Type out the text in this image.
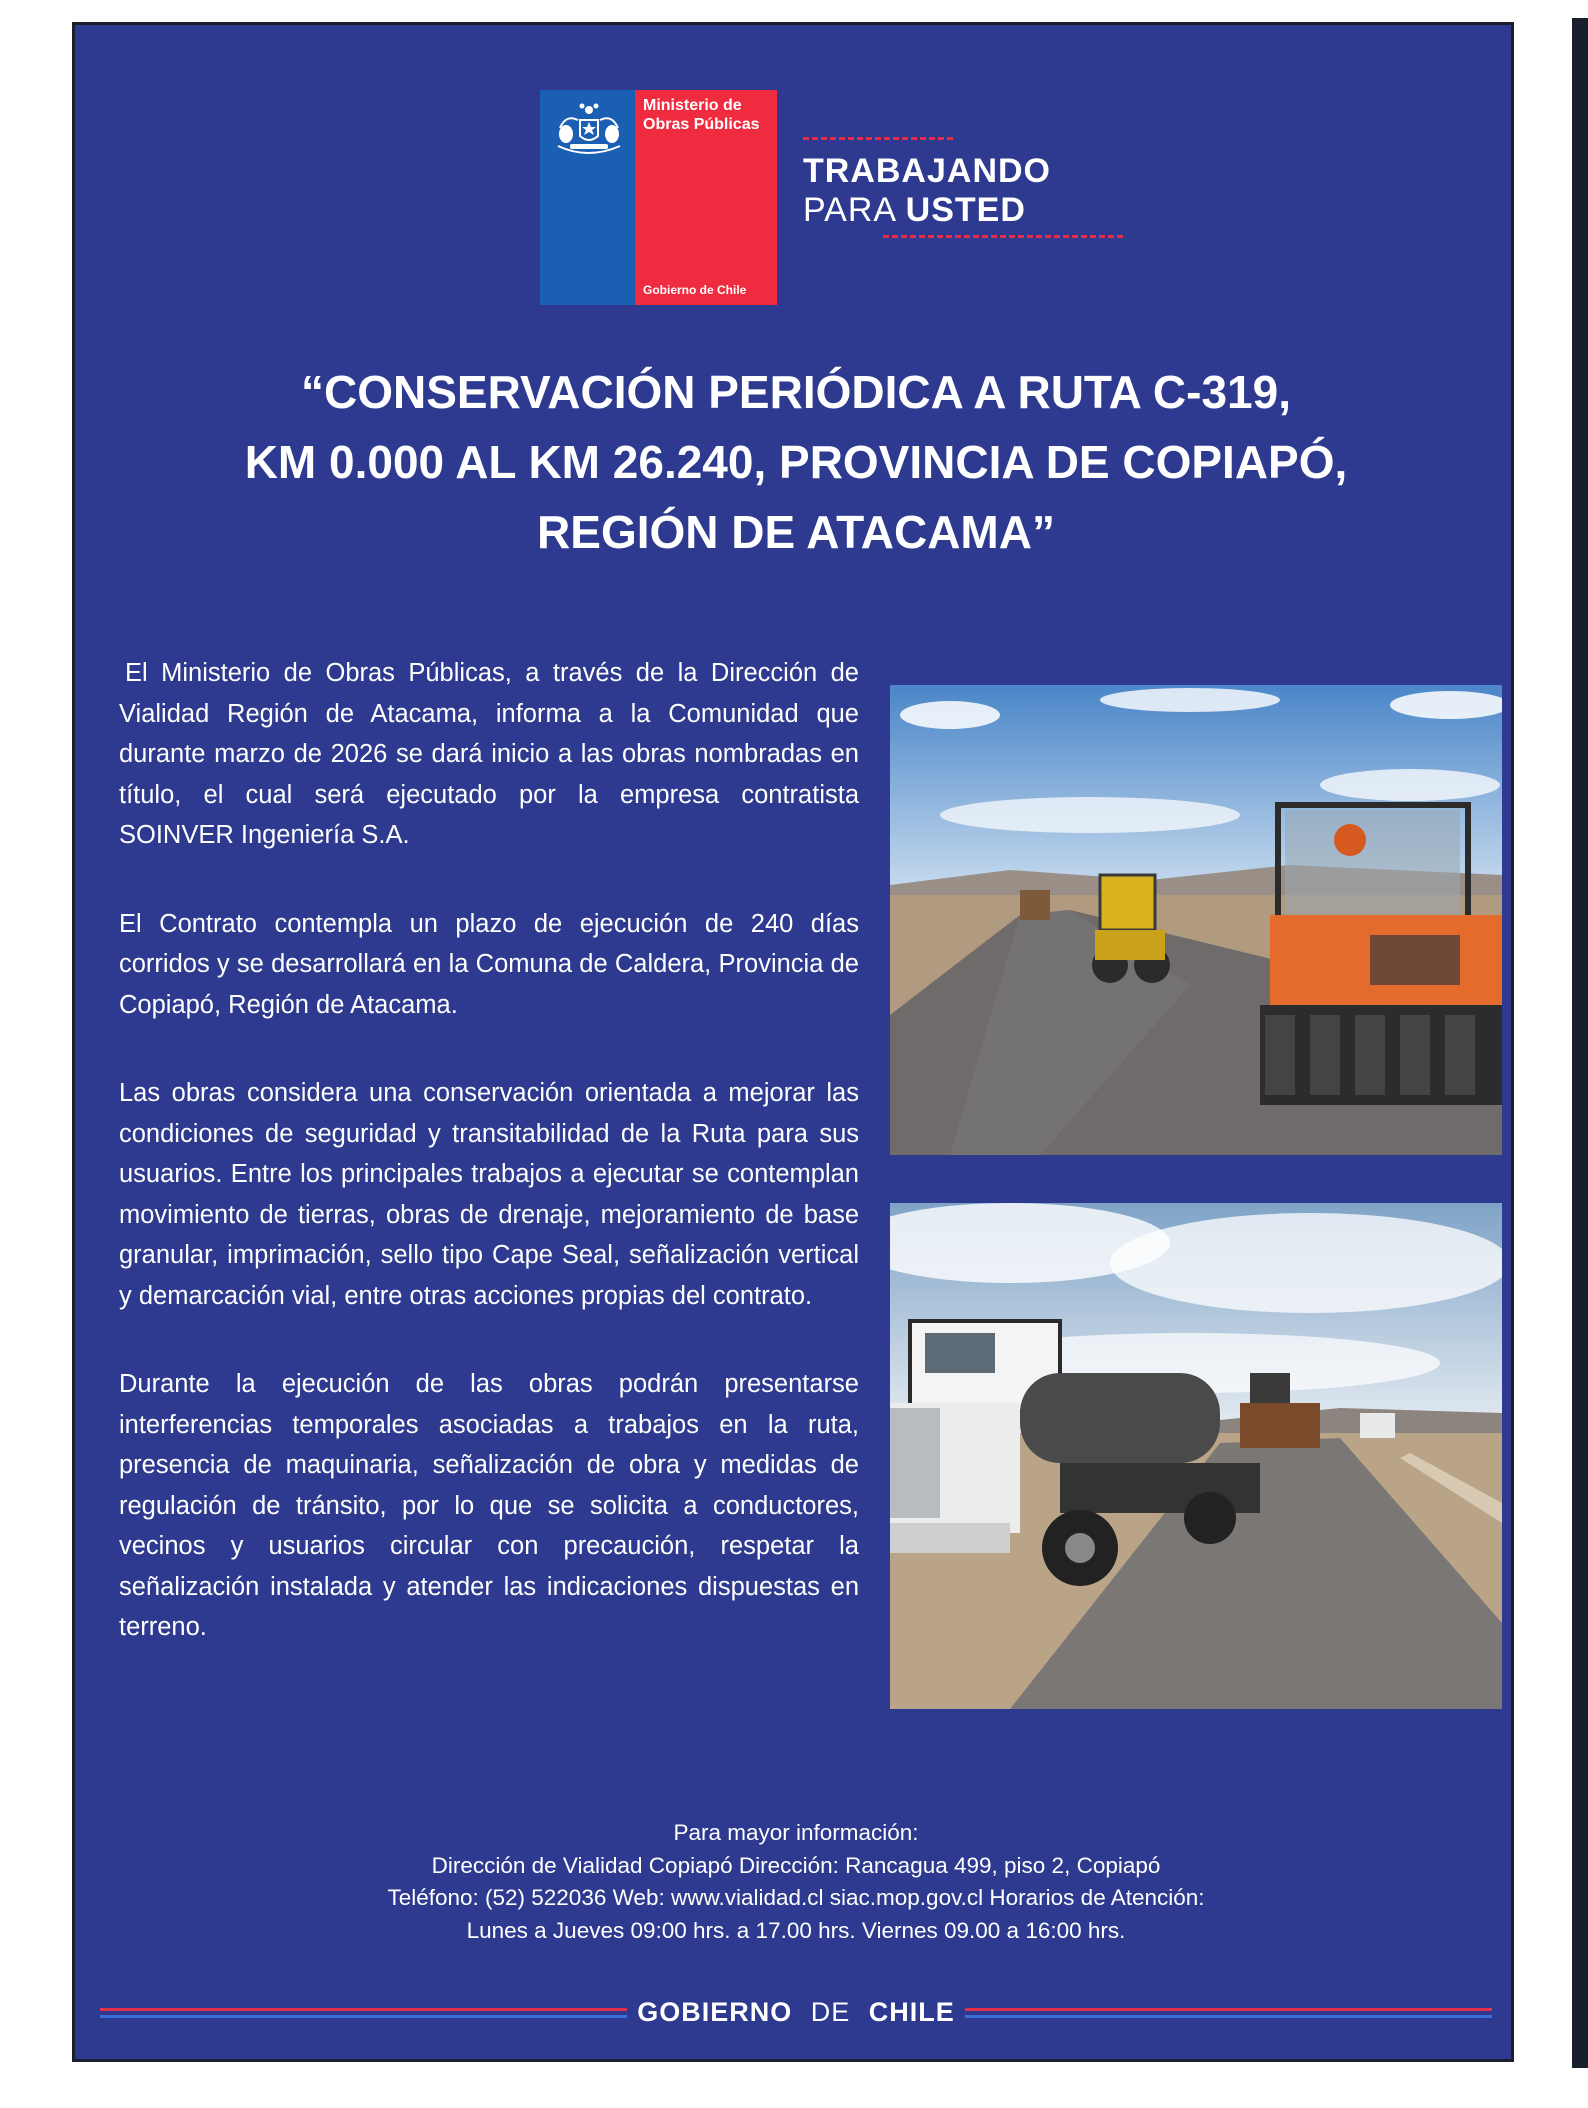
Ministerio de Obras Públicas
Gobierno de Chile
TRABAJANDO
PARA USTED
“CONSERVACIÓN PERIÓDICA A RUTA C-319,
KM 0.000 AL KM 26.240, PROVINCIA DE COPIAPÓ,
REGIÓN DE ATACAMA”

El Ministerio de Obras Públicas, a través de la Dirección de Vialidad Región de Atacama, informa a la Comunidad que durante marzo de 2026 se dará inicio a las obras nombradas en título, el cual será ejecutado por la empresa contratista SOINVER Ingeniería S.A.

El Contrato contempla un plazo de ejecución de 240 días corridos y se desarrollará en la Comuna de Caldera, Provincia de Copiapó, Región de Atacama.

Las obras considera una conservación orientada a mejorar las condiciones de seguridad y transitabilidad de la Ruta para sus usuarios. Entre los principales trabajos a ejecutar se contemplan movimiento de tierras, obras de drenaje, mejoramiento de base granular, imprimación, sello tipo Cape Seal, señalización vertical y demarcación vial, entre otras acciones propias del contrato.

Durante la ejecución de las obras podrán presentarse interferencias temporales asociadas a trabajos en la ruta, presencia de maquinaria, señalización de obra y medidas de regulación de tránsito, por lo que se solicita a conductores, vecinos y usuarios circular con precaución, respetar la señalización instalada y atender las indicaciones dispuestas en terreno.

Para mayor información:
Dirección de Vialidad Copiapó Dirección: Rancagua 499, piso 2, Copiapó
Teléfono: (52) 522036 Web: www.vialidad.cl siac.mop.gov.cl Horarios de Atención:
Lunes a Jueves 09:00 hrs. a 17.00 hrs. Viernes 09.00 a 16:00 hrs.
GOBIERNO DE CHILE
